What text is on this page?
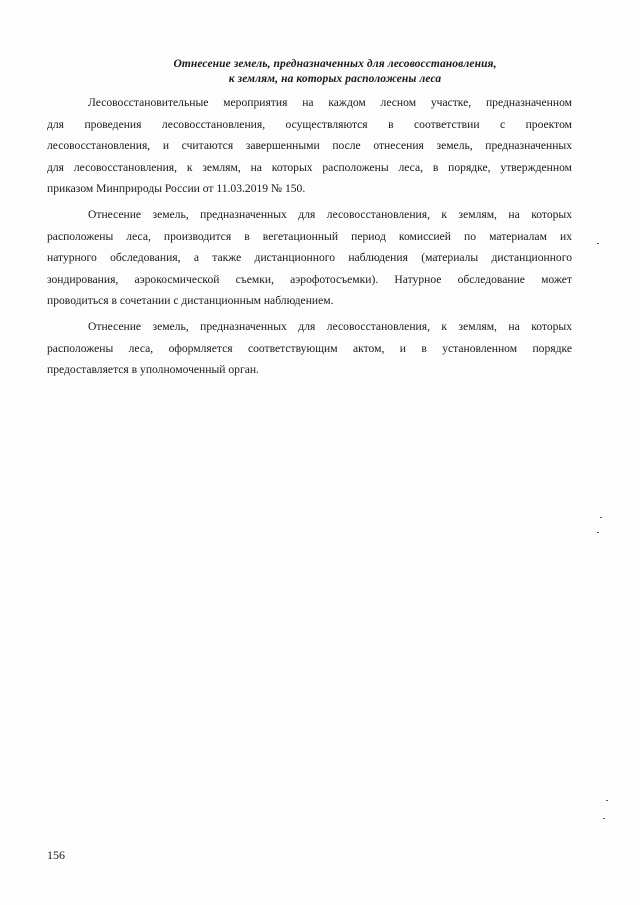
Отнесение земель, предназначенных для лесовосстановления,
к землям, на которых расположены леса
Лесовосстановительные мероприятия на каждом лесном участке, предназначенном
для проведения лесовосстановления, осуществляются в соответствии с проектом
лесовосстановления, и считаются завершенными после отнесения земель, предназначенных
для лесовосстановления, к землям, на которых расположены леса, в порядке, утвержденном
приказом Минприроды России от 11.03.2019 № 150.
Отнесение земель, предназначенных для лесовосстановления, к землям, на которых
расположены леса, производится в вегетационный период комиссией по материалам их
натурного обследования, а также дистанционного наблюдения (материалы дистанционного
зондирования, аэрокосмической съемки, аэрофотосъемки). Натурное обследование может
проводиться в сочетании с дистанционным наблюдением.
Отнесение земель, предназначенных для лесовосстановления, к землям, на которых
расположены леса, оформляется соответствующим актом, и в установленном порядке
предоставляется в уполномоченный орган.
156
